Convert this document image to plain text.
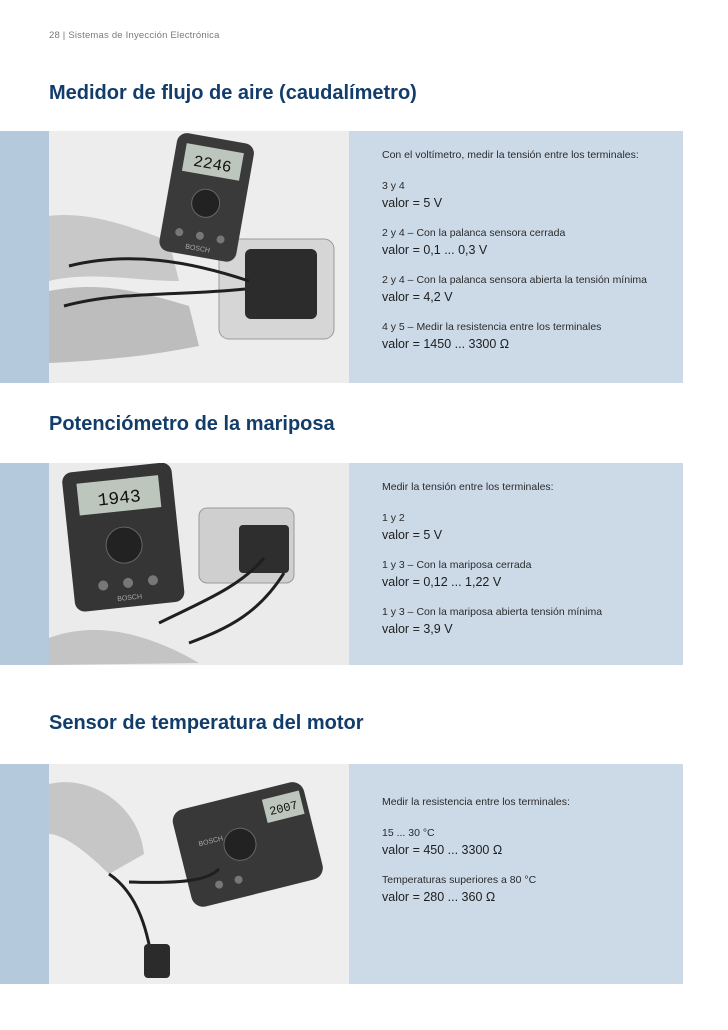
28 | Sistemas de Inyección Electrónica
Medidor de flujo de aire (caudalímetro)
2246
BOSCH

Con el voltímetro, medir la tensión entre los terminales:

3 y 4

valor = 5 V

2 y 4 – Con la palanca sensora cerrada

valor = 0,1 ... 0,3 V

2 y 4 – Con la palanca sensora abierta la tensión mínima

valor = 4,2 V

4 y 5 – Medir la resistencia entre los terminales

valor = 1450 ... 3300 Ω

Potenciómetro de la mariposa
1943
BOSCH

Medir la tensión entre los terminales:

1 y 2

valor = 5 V

1 y 3 – Con la mariposa cerrada

valor = 0,12 ... 1,22 V

1 y 3 – Con la mariposa abierta tensión mínima

valor = 3,9 V

Sensor de temperatura del motor
2007
BOSCH

Medir la resistencia entre los terminales:

15 ... 30 °C

valor = 450 ... 3300 Ω

Temperaturas superiores a 80 °C

valor = 280 ... 360 Ω
